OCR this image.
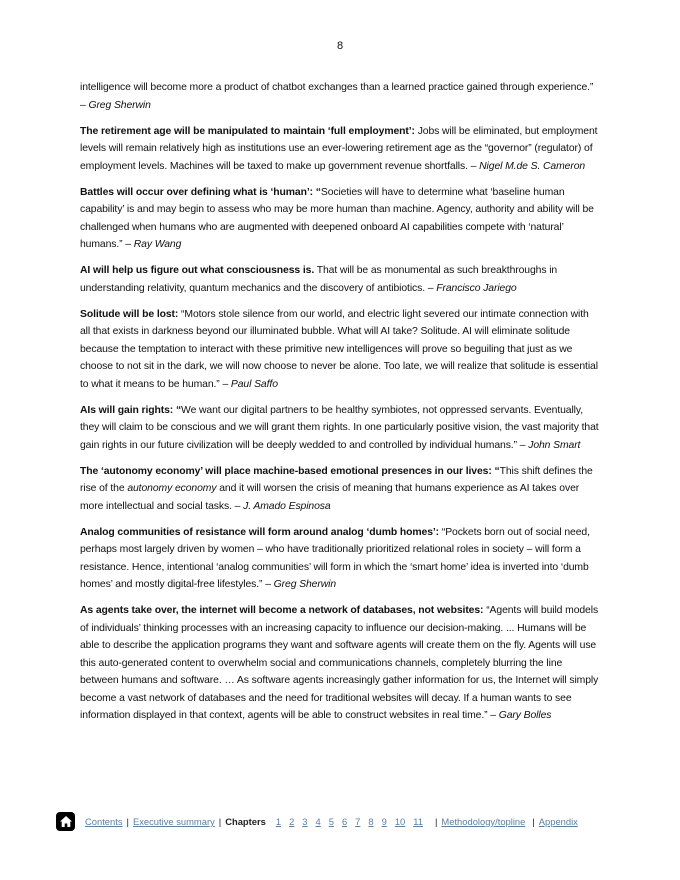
8

intelligence will become more a product of chatbot exchanges than a learned practice gained through experience.” – Greg Sherwin

The retirement age will be manipulated to maintain ‘full employment’: Jobs will be eliminated, but employment levels will remain relatively high as institutions use an ever-lowering retirement age as the “governor” (regulator) of employment levels. Machines will be taxed to make up government revenue shortfalls. – Nigel M.de S. Cameron

Battles will occur over defining what is ‘human’: “Societies will have to determine what ‘baseline human capability’ is and may begin to assess who may be more human than machine. Agency, authority and ability will be challenged when humans who are augmented with deepened onboard AI capabilities compete with ‘natural’ humans.” – Ray Wang

AI will help us figure out what consciousness is. That will be as monumental as such breakthroughs in understanding relativity, quantum mechanics and the discovery of antibiotics. – Francisco Jariego

Solitude will be lost: “Motors stole silence from our world, and electric light severed our intimate connection with all that exists in darkness beyond our illuminated bubble. What will AI take? Solitude. AI will eliminate solitude because the temptation to interact with these primitive new intelligences will prove so beguiling that just as we choose to not sit in the dark, we will now choose to never be alone. Too late, we will realize that solitude is essential to what it means to be human.” – Paul Saffo

AIs will gain rights: “We want our digital partners to be healthy symbiotes, not oppressed servants. Eventually, they will claim to be conscious and we will grant them rights. In one particularly positive vision, the vast majority that gain rights in our future civilization will be deeply wedded to and controlled by individual humans.” – John Smart

The ‘autonomy economy’ will place machine-based emotional presences in our lives: “This shift defines the rise of the autonomy economy and it will worsen the crisis of meaning that humans experience as AI takes over more intellectual and social tasks. – J. Amado Espinosa

Analog communities of resistance will form around analog ‘dumb homes’: “Pockets born out of social need, perhaps most largely driven by women – who have traditionally prioritized relational roles in society – will form a resistance. Hence, intentional ‘analog communities’ will form in which the ‘smart home’ idea is inverted into ‘dumb homes’ and mostly digital-free lifestyles.” – Greg Sherwin

As agents take over, the internet will become a network of databases, not websites: “Agents will build models of individuals’ thinking processes with an increasing capacity to influence our decision-making. ... Humans will be able to describe the application programs they want and software agents will create them on the fly. Agents will use this auto-generated content to overwhelm social and communications channels, completely blurring the line between humans and software. … As software agents increasingly gather information for us, the Internet will simply become a vast network of databases and the need for traditional websites will decay. If a human wants to see information displayed in that context, agents will be able to construct websites in real time.” – Gary Bolles

Contents | Executive summary | Chapters 1 2 3 4 5 6 7 8 9 10 11	| Methodology/topline | Appendix
